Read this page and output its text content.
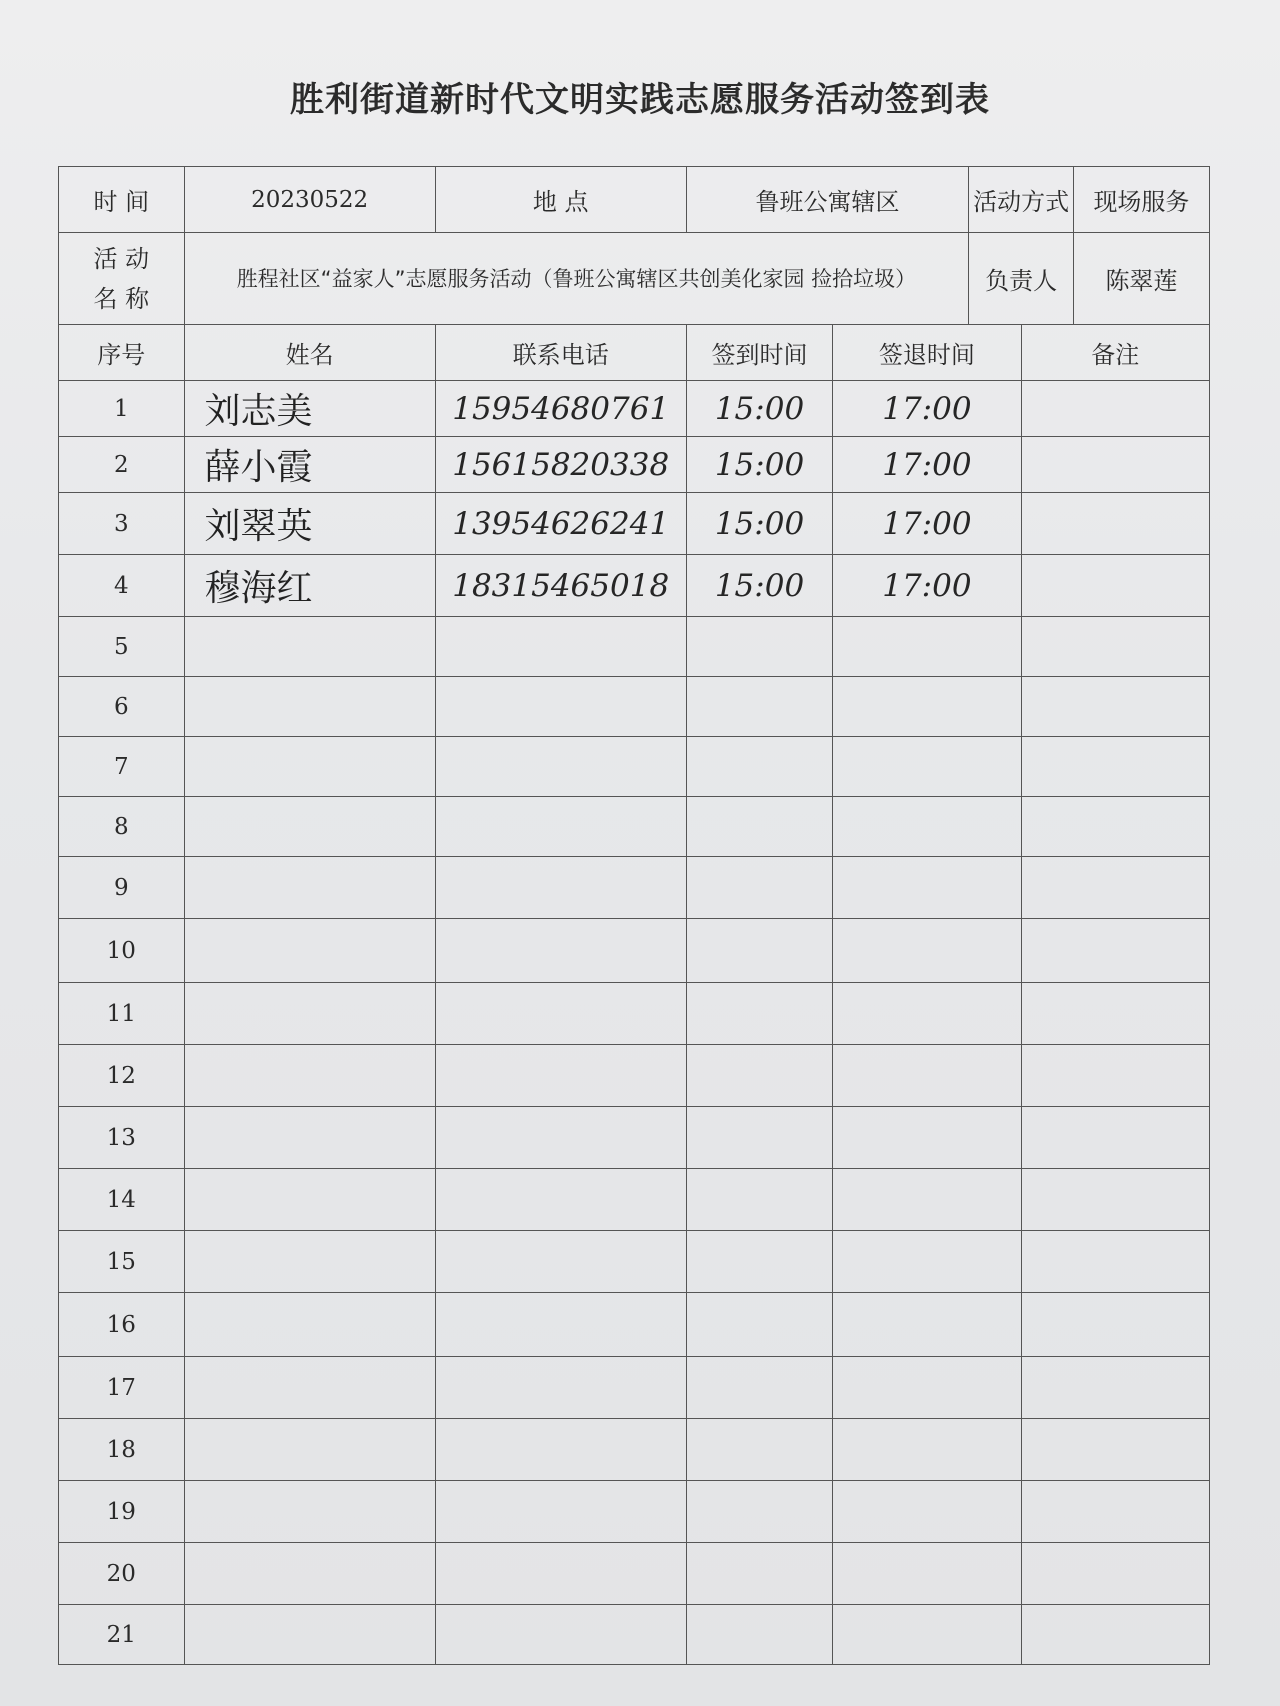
胜利街道新时代文明实践志愿服务活动签到表
时 间	20230522	地 点	鲁班公寓辖区		活动方式		现场服务

活 动
名 称	胜程社区“益家人”志愿服务活动（鲁班公寓辖区共创美化家园 捡拾垃圾）				负责人		陈翠莲
序号	姓名	联系电话	签到时间	签退时间		备注	
1	刘志美	15954680761	15:00	17:00			
2	薛小霞	15615820338	15:00	17:00			
3	刘翠英	13954626241	15:00	17:00			
4	穆海红	18315465018	15:00	17:00			
5							
6							
7							
8							
9							
10							
11							
12							
13							
14							
15							
16							
17							
18							
19							
20							
21							
